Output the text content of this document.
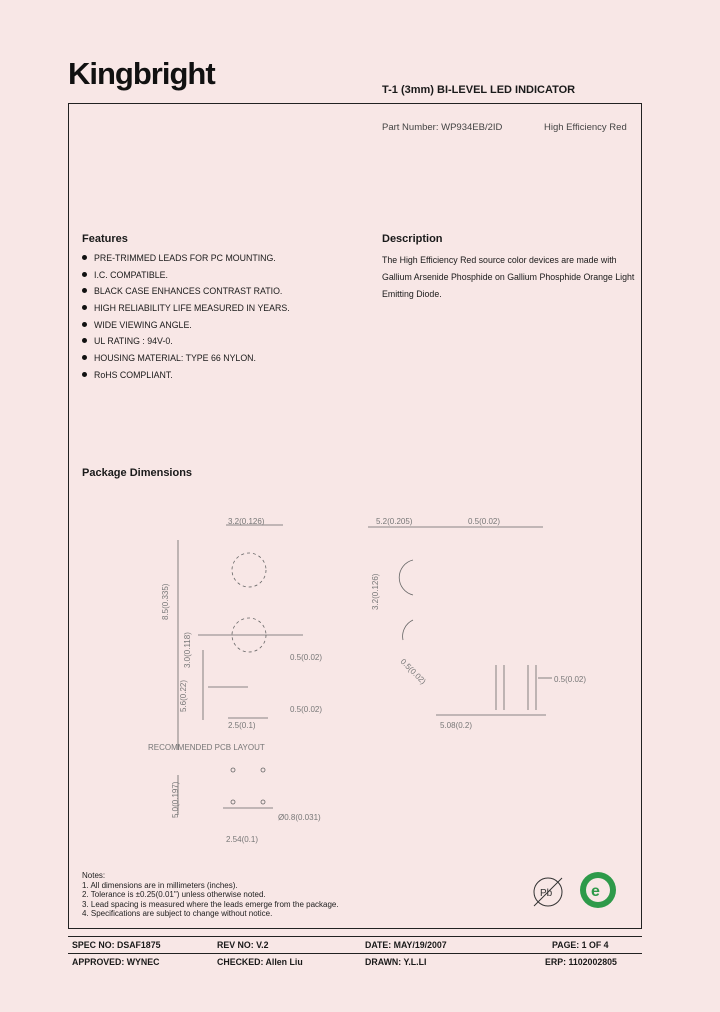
Kingbright	T-1 (3mm) BI-LEVEL LED INDICATOR
Part Number: WP934EB/2ID	High Efficiency Red
Features
PRE-TRIMMED LEADS FOR PC MOUNTING.
I.C. COMPATIBLE.
BLACK CASE ENHANCES CONTRAST RATIO.
HIGH RELIABILITY LIFE MEASURED IN YEARS.
WIDE VIEWING ANGLE.
UL RATING : 94V-0.
HOUSING MATERIAL: TYPE 66 NYLON.
RoHS COMPLIANT.
Description
The High Efficiency Red source color devices are made with Gallium Arsenide Phosphide on Gallium Phosphide Orange Light Emitting Diode.
Package Dimensions
3.2(0.126)
8.5(0.335)
3.0(0.118)
5.6(0.22)
0.5(0.02)
2.5(0.1)
0.5(0.02)
RECOMMENDED PCB LAYOUT
5.0(0.197)	Ø0.8(0.031)
2.54(0.1)
5.2(0.205)	0.5(0.02)
3.2(0.126)
0.5(0.02)	0.5(0.02)
5.08(0.2)
Notes:
1. All dimensions are in millimeters (inches).
2. Tolerance is ±0.25(0.01") unless otherwise noted.
3. Lead spacing is measured where the leads emerge from the package.
4. Specifications are subject to change without notice.
Pb e
SPEC NO: DSAF1875	REV NO: V.2	DATE: MAY/19/2007	PAGE: 1 OF 4
APPROVED: WYNEC	CHECKED: Allen Liu	DRAWN: Y.L.LI	ERP: 1102002805
